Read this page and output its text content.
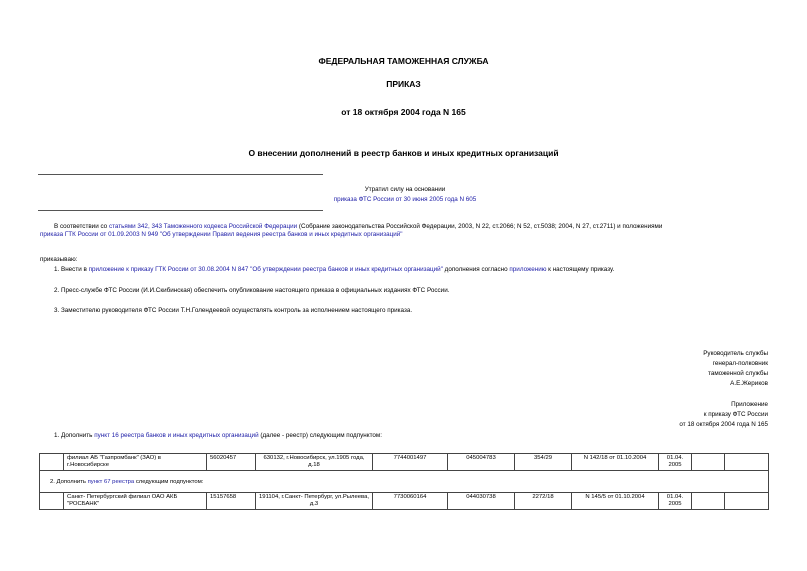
ФЕДЕРАЛЬНАЯ ТАМОЖЕННАЯ СЛУЖБА
ПРИКАЗ
от 18 октября 2004 года N 165
О внесении дополнений в реестр банков и иных кредитных организаций
Утратил силу на основании
приказа ФТС России от 30 июня 2005 года N 605
В соответствии со статьями 342, 343 Таможенного кодекса Российской Федерации (Собрание законодательства Российской Федерации, 2003, N 22, ст.2066; N 52, ст.5038; 2004, N 27, ст.2711) и положениями
приказа ГТК России от 01.09.2003 N 949 "Об утверждении Правил ведения реестра банков и иных кредитных организаций"
приказываю:
1. Внести в приложение к приказу ГТК России от 30.08.2004 N 847 "Об утверждении реестра банков и иных кредитных организаций" дополнения согласно приложению к настоящему приказу.
2. Пресс-службе ФТС России (И.И.Скибинская) обеспечить опубликование настоящего приказа в официальных изданиях ФТС России.
3. Заместителю руководителя ФТС России Т.Н.Голендеевой осуществлять контроль за исполнением настоящего приказа.
Руководитель службы
генерал-полковник
таможенной службы
А.Е.Жериков
Приложение
к приказу ФТС России
от 18 октября 2004 года N 165
1. Дополнить пункт 16 реестра банков и иных кредитных организаций (далее - реестр) следующим подпунктом:
	филиал АБ "Газпромбанк" (ЗАО) в г.Новосибирске	56020457	630132, г.Новосибирск, ул.1905 года, д.18	7744001497	045004783	354/29	N 142/18 от 01.10.2004	01.04. 2005		
2. Дополнить пункт 67 реестра следующим подпунктом:										
	Санкт- Петербургский филиал ОАО АКБ "РОСБАНК"	15157658	191104, г.Санкт- Петербург, ул.Рылеева, д.3	7730060164	044030738	2272/18	N 145/5 от 01.10.2004	01.04. 2005		
